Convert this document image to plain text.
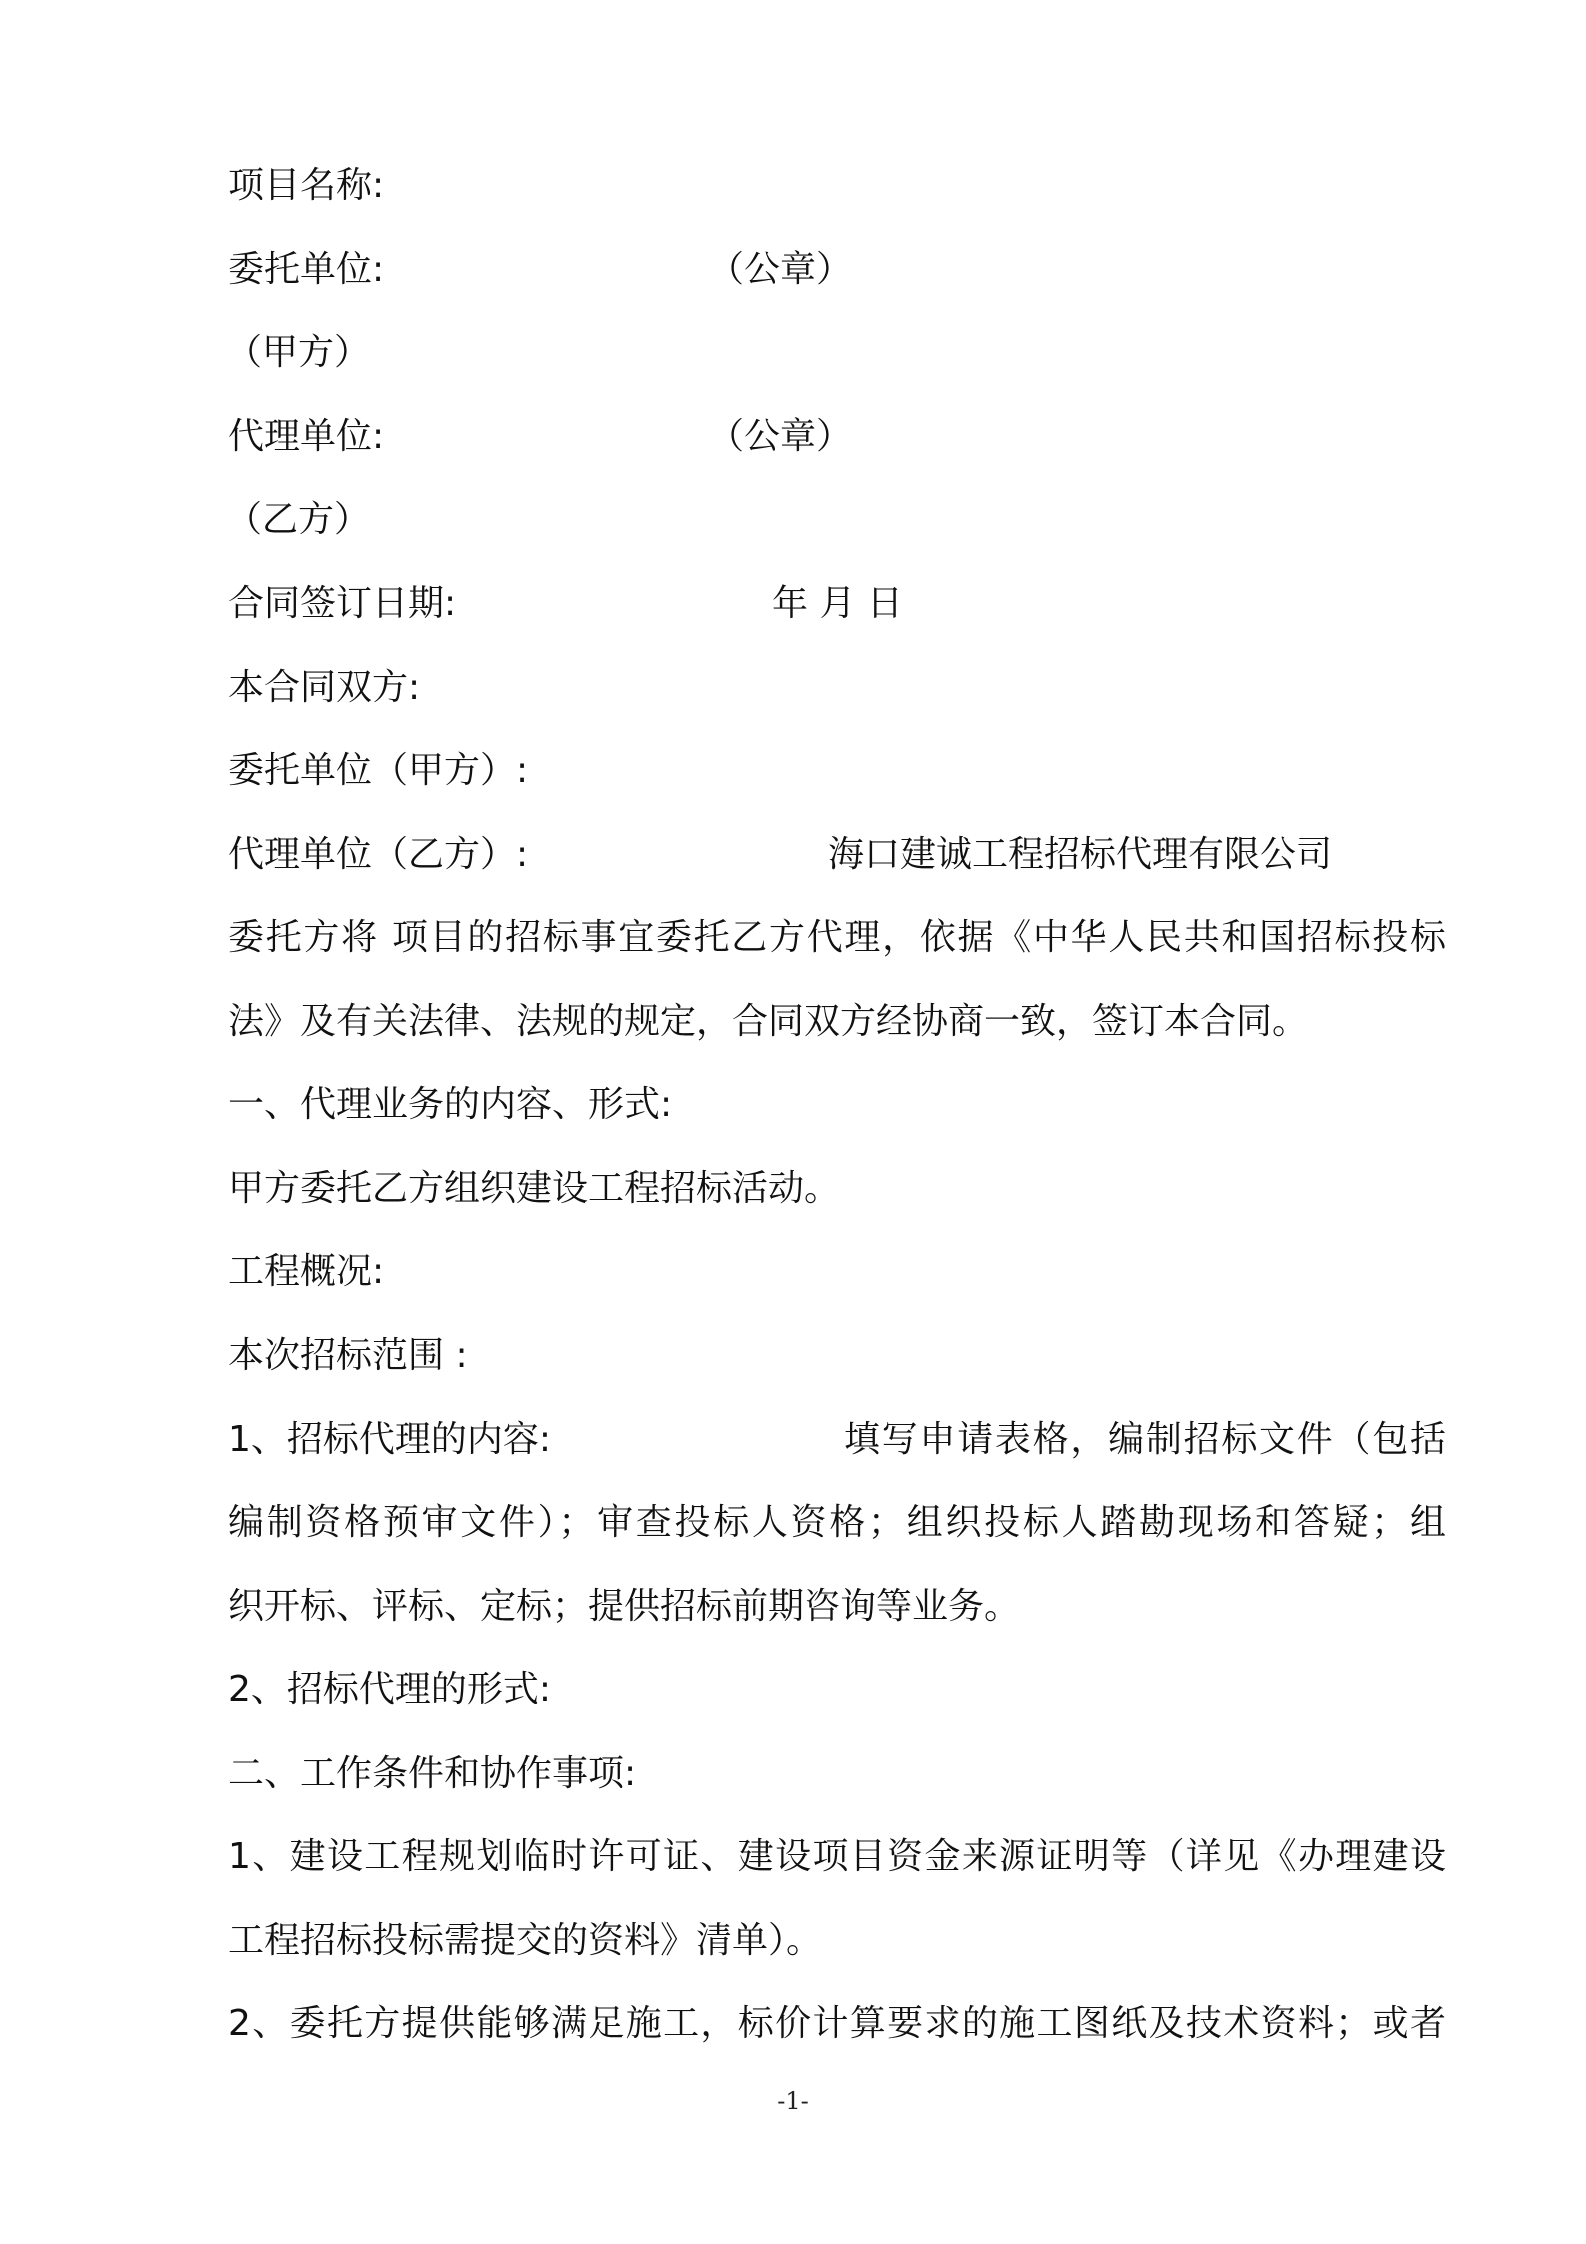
项目名称:
委托单位:	（公章）
（甲方）
代理单位:	（公章）
（乙方）
合同签订日期:	年 月 日
本合同双方:
委托单位（甲方）:
代理单位（乙方）:	海口建诚工程招标代理有限公司
委托方将 项目的招标事宜委托乙方代理，依据《中华人民共和国招标投标
法》及有关法律、法规的规定，合同双方经协商一致，签订本合同。
一、代理业务的内容、形式:
甲方委托乙方组织建设工程招标活动。
工程概况:
本次招标范围 :
1、招标代理的内容:	填写申请表格，编制招标文件（包括
编制资格预审文件）；审查投标人资格；组织投标人踏勘现场和答疑；组
织开标、评标、定标；提供招标前期咨询等业务。
2、招标代理的形式:
二、工作条件和协作事项:
1、建设工程规划临时许可证、建设项目资金来源证明等（详见《办理建设
工程招标投标需提交的资料》清单）。
2、委托方提供能够满足施工，标价计算要求的施工图纸及技术资料；或者
-1-
